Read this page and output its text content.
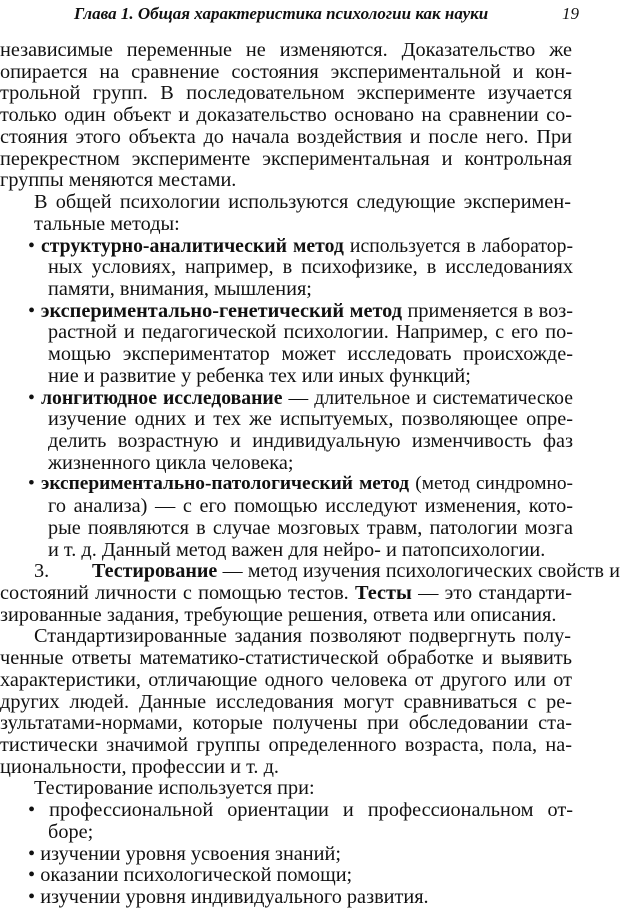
Глава 1. Общая характеристика психологии как науки	19
независимые переменные не изменяются. Доказательство же
опирается на сравнение состояния экспериментальной и кон-
трольной групп. В последовательном эксперименте изучается
только один объект и доказательство основано на сравнении со-
стояния этого объекта до начала воздействия и после него. При
перекрестном эксперименте экспериментальная и контрольная
группы меняются местами.
В общей психологии используются следующие эксперимен-
тальные методы:
• структурно-аналитический метод используется в лаборатор-
ных условиях, например, в психофизике, в исследованиях
памяти, внимания, мышления;
• экспериментально-генетический метод применяется в воз-
растной и педагогической психологии. Например, с его по-
мощью экспериментатор может исследовать происхожде-
ние и развитие у ребенка тех или иных функций;
• лонгитюдное исследование — длительное и систематическое
изучение одних и тех же испытуемых, позволяющее опре-
делить возрастную и индивидуальную изменчивость фаз
жизненного цикла человека;
• экспериментально-патологический метод (метод синдромно-
го анализа) — с его помощью исследуют изменения, кото-
рые появляются в случае мозговых травм, патологии мозга
и т. д. Данный метод важен для нейро- и патопсихологии.
3.	Тестирование — метод изучения психологических свойств и
состояний личности с помощью тестов. Тесты — это стандарти-
зированные задания, требующие решения, ответа или описания.
Стандартизированные задания позволяют подвергнуть полу-
ченные ответы математико-статистической обработке и выявить
характеристики, отличающие одного человека от другого или от
других людей. Данные исследования могут сравниваться с ре-
зультатами-нормами, которые получены при обследовании ста-
тистически значимой группы определенного возраста, пола, на-
циональности, профессии и т. д.
Тестирование используется при:
• профессиональной ориентации и профессиональном от-
боре;
• изучении уровня усвоения знаний;
• оказании психологической помощи;
• изучении уровня индивидуального развития.
